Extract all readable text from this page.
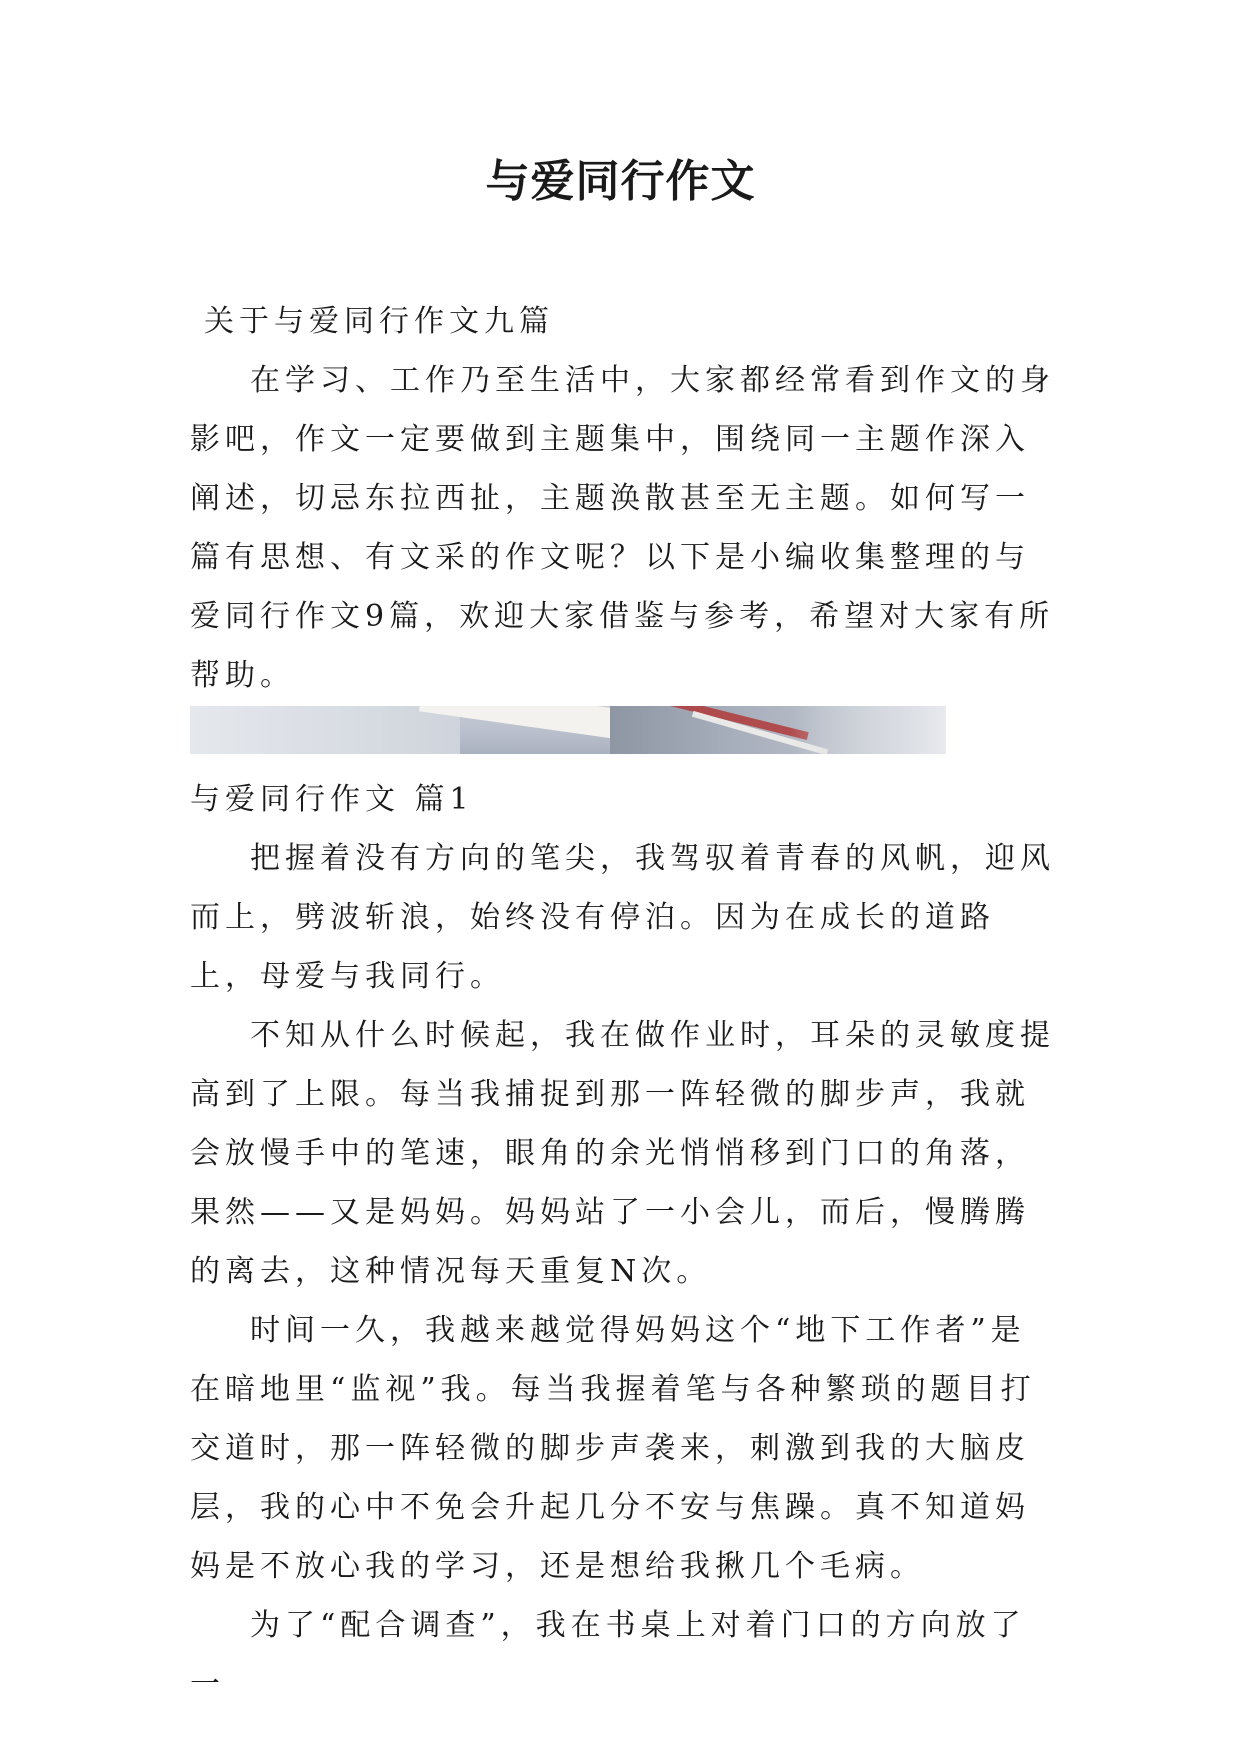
与爱同行作文
关于与爱同行作文九篇

在学习、工作乃至生活中，大家都经常看到作文的身影吧，作文一定要做到主题集中，围绕同一主题作深入阐述，切忌东拉西扯，主题涣散甚至无主题。如何写一篇有思想、有文采的作文呢？以下是小编收集整理的与爱同行作文9篇，欢迎大家借鉴与参考，希望对大家有所帮助。

与爱同行作文 篇1

把握着没有方向的笔尖，我驾驭着青春的风帆，迎风而上，劈波斩浪，始终没有停泊。因为在成长的道路上，母爱与我同行。

不知从什么时候起，我在做作业时，耳朵的灵敏度提高到了上限。每当我捕捉到那一阵轻微的脚步声，我就会放慢手中的笔速，眼角的余光悄悄移到门口的角落，果然——又是妈妈。妈妈站了一小会儿，而后，慢腾腾的离去，这种情况每天重复N次。

时间一久，我越来越觉得妈妈这个“地下工作者”是在暗地里“监视”我。每当我握着笔与各种繁琐的题目打交道时，那一阵轻微的脚步声袭来，刺激到我的大脑皮层，我的心中不免会升起几分不安与焦躁。真不知道妈妈是不放心我的学习，还是想给我揪几个毛病。

为了“配合调查”，我在书桌上对着门口的方向放了一
